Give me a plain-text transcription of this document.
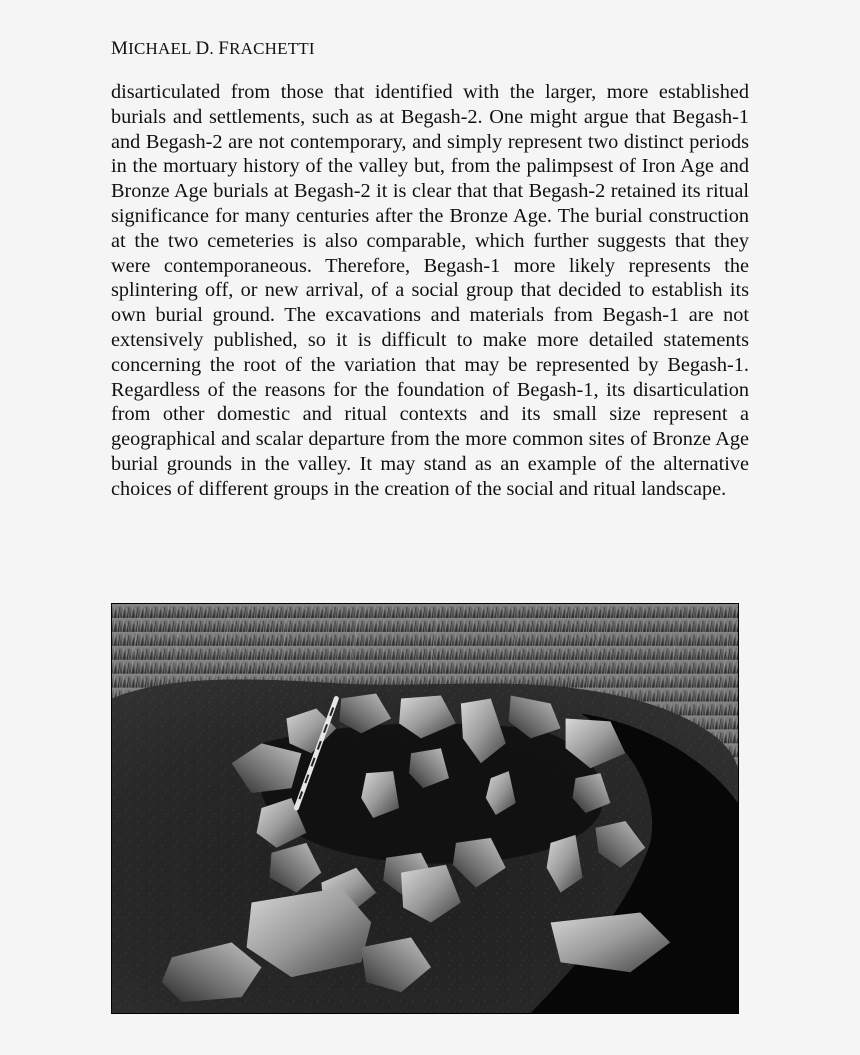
MICHAEL D. FRACHETTI

disarticulated from those that identified with the larger, more established burials and settlements, such as at Begash-2. One might argue that Begash-1 and Begash-2 are not contemporary, and simply represent two distinct periods in the mortuary history of the valley but, from the palimpsest of Iron Age and Bronze Age burials at Begash-2 it is clear that that Begash-2 retained its ritual significance for many centuries after the Bronze Age. The burial construction at the two cemeteries is also comparable, which further suggests that they were contemporaneous. Therefore, Begash-1 more likely represents the splintering off, or new arrival, of a social group that decided to establish its own burial ground. The excavations and materials from Begash-1 are not extensively published, so it is difficult to make more detailed statements concerning the root of the variation that may be represented by Begash-1. Regardless of the reasons for the foundation of Begash-1, its disarticulation from other domestic and ritual contexts and its small size represent a geographical and scalar departure from the more common sites of Bronze Age burial grounds in the valley. It may stand as an example of the alternative choices of different groups in the creation of the social and ritual landscape.
